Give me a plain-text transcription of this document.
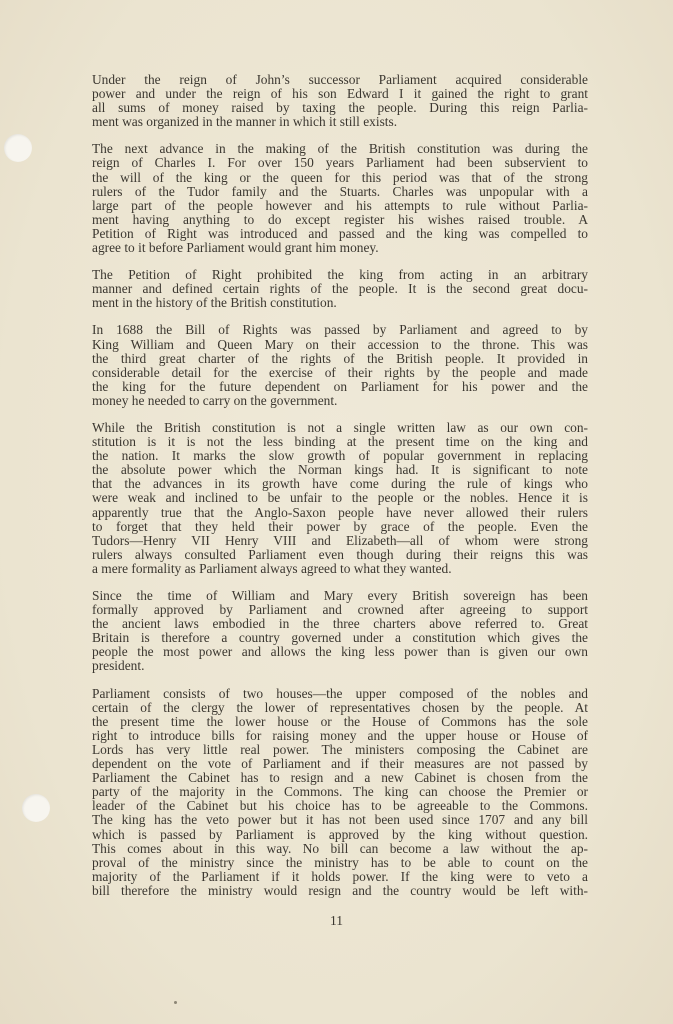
Under the reign of John’s successor Parliament acquired considerable
power and under the reign of his son Edward I it gained the right to grant
all sums of money raised by taxing the people. During this reign Parlia-
ment was organized in the manner in which it still exists.

The next advance in the making of the British constitution was during the
reign of Charles I. For over 150 years Parliament had been subservient to
the will of the king or the queen for this period was that of the strong
rulers of the Tudor family and the Stuarts. Charles was unpopular with a
large part of the people however and his attempts to rule without Parlia-
ment having anything to do except register his wishes raised trouble. A
Petition of Right was introduced and passed and the king was compelled to
agree to it before Parliament would grant him money.

The Petition of Right prohibited the king from acting in an arbitrary
manner and defined certain rights of the people. It is the second great docu-
ment in the history of the British constitution.

In 1688 the Bill of Rights was passed by Parliament and agreed to by
King William and Queen Mary on their accession to the throne. This was
the third great charter of the rights of the British people. It provided in
considerable detail for the exercise of their rights by the people and made
the king for the future dependent on Parliament for his power and the
money he needed to carry on the government.

While the British constitution is not a single written law as our own con-
stitution is it is not the less binding at the present time on the king and
the nation. It marks the slow growth of popular government in replacing
the absolute power which the Norman kings had. It is significant to note
that the advances in its growth have come during the rule of kings who
were weak and inclined to be unfair to the people or the nobles. Hence it is
apparently true that the Anglo-Saxon people have never allowed their rulers
to forget that they held their power by grace of the people. Even the
Tudors—Henry VII Henry VIII and Elizabeth—all of whom were strong
rulers always consulted Parliament even though during their reigns this was
a mere formality as Parliament always agreed to what they wanted.

Since the time of William and Mary every British sovereign has been
formally approved by Parliament and crowned after agreeing to support
the ancient laws embodied in the three charters above referred to. Great
Britain is therefore a country governed under a constitution which gives the
people the most power and allows the king less power than is given our own
president.

Parliament consists of two houses—the upper composed of the nobles and
certain of the clergy the lower of representatives chosen by the people. At
the present time the lower house or the House of Commons has the sole
right to introduce bills for raising money and the upper house or House of
Lords has very little real power. The ministers composing the Cabinet are
dependent on the vote of Parliament and if their measures are not passed by
Parliament the Cabinet has to resign and a new Cabinet is chosen from the
party of the majority in the Commons. The king can choose the Premier or
leader of the Cabinet but his choice has to be agreeable to the Commons.
The king has the veto power but it has not been used since 1707 and any bill
which is passed by Parliament is approved by the king without question.
This comes about in this way. No bill can become a law without the ap-
proval of the ministry since the ministry has to be able to count on the
majority of the Parliament if it holds power. If the king were to veto a
bill therefore the ministry would resign and the country would be left with-

11
